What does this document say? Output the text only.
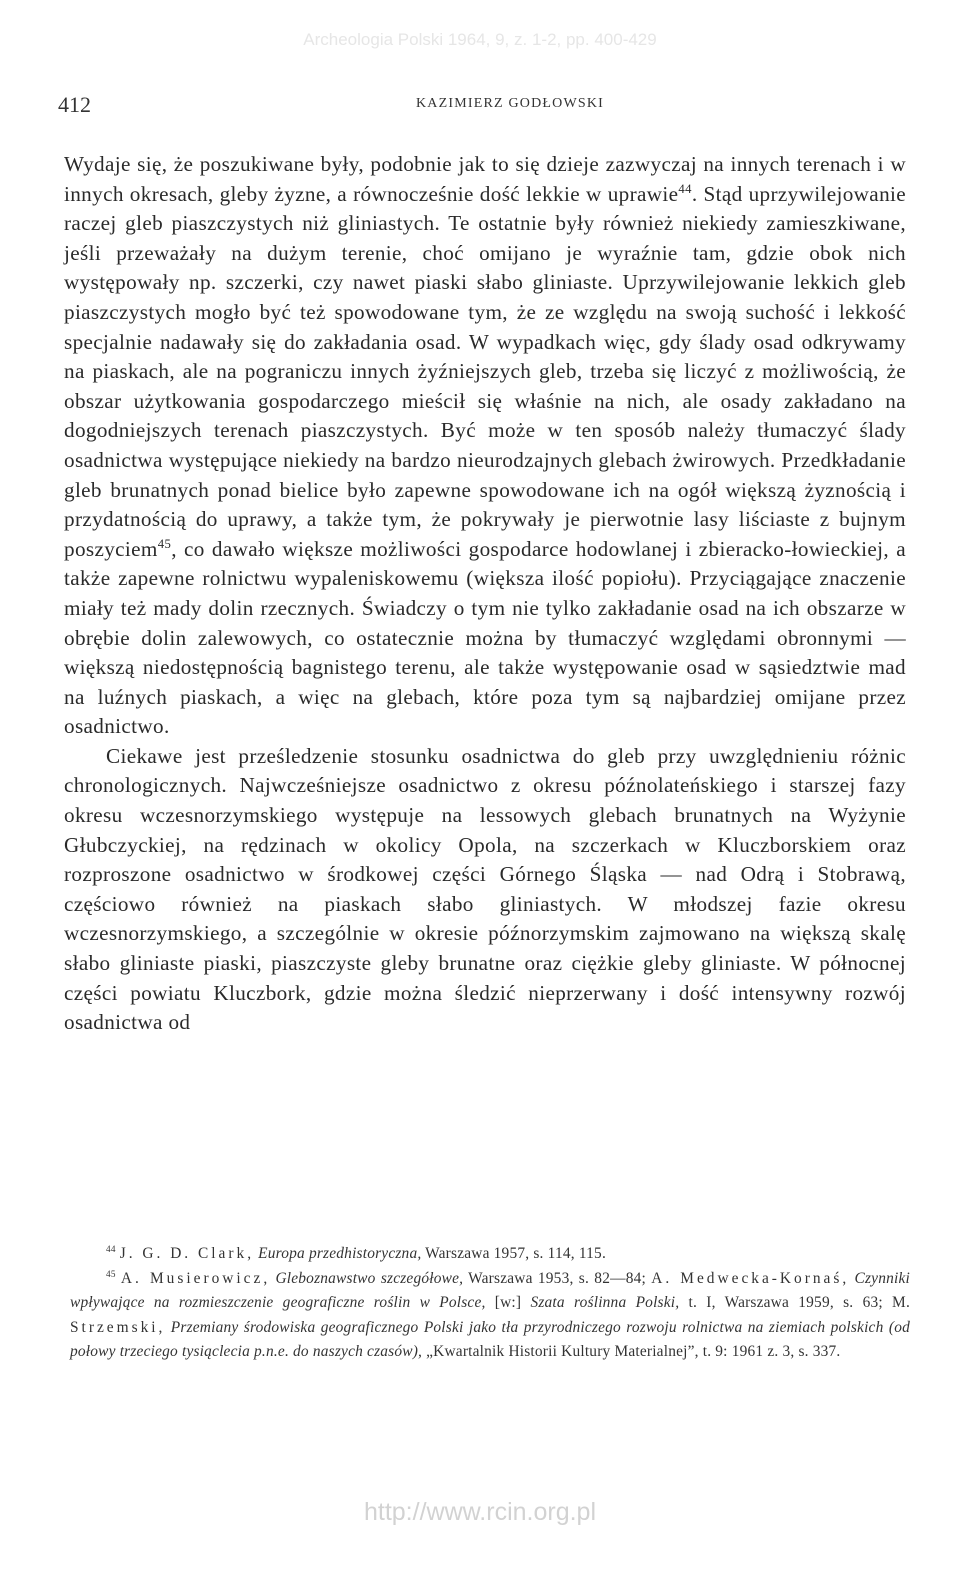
Archeologia Polski 1964, 9, z. 1-2, pp. 400-429
412	KAZIMIERZ GODŁOWSKI

Wydaje się, że poszukiwane były, podobnie jak to się dzieje zazwyczaj na innych terenach i w innych okresach, gleby żyzne, a równocześnie dość lekkie w uprawie$^{44}$. Stąd uprzywilejowanie raczej gleb piaszczystych niż gliniastych. Te ostatnie były również niekiedy zamieszkiwane, jeśli przeważały na dużym terenie, choć omijano je wyraźnie tam, gdzie obok nich występowały np. szczerki, czy nawet piaski słabo gliniaste. Uprzywilejowanie lekkich gleb piaszczystych mogło być też spowodowane tym, że ze względu na swoją suchość i lekkość specjalnie nadawały się do zakładania osad. W wypadkach więc, gdy ślady osad odkrywamy na piaskach, ale na pograniczu innych żyźniejszych gleb, trzeba się liczyć z możliwością, że obszar użytkowania gospodarczego mieścił się właśnie na nich, ale osady zakładano na dogodniejszych terenach piaszczystych. Być może w ten sposób należy tłumaczyć ślady osadnictwa występujące niekiedy na bardzo nieurodzajnych glebach żwirowych. Przedkładanie gleb brunatnych ponad bielice było zapewne spowodowane ich na ogół większą żyznością i przydatnością do uprawy, a także tym, że pokrywały je pierwotnie lasy liściaste z bujnym poszyciem$^{45}$, co dawało większe możliwości gospodarce hodowlanej i zbieracko-łowieckiej, a także zapewne rolnictwu wypaleniskowemu (większa ilość popiołu). Przyciągające znaczenie miały też mady dolin rzecznych. Świadczy o tym nie tylko zakładanie osad na ich obszarze w obrębie dolin zalewowych, co ostatecznie można by tłumaczyć względami obronnymi — większą niedostępnością bagnistego terenu, ale także występowanie osad w sąsiedztwie mad na luźnych piaskach, a więc na glebach, które poza tym są najbardziej omijane przez osadnictwo.

Ciekawe jest prześledzenie stosunku osadnictwa do gleb przy uwzględnieniu różnic chronologicznych. Najwcześniejsze osadnictwo z okresu późnolateńskiego i starszej fazy okresu wczesnorzymskiego występuje na lessowych glebach brunatnych na Wyżynie Głubczyckiej, na rędzinach w okolicy Opola, na szczerkach w Kluczborskiem oraz rozproszone osadnictwo w środkowej części Górnego Śląska — nad Odrą i Stobrawą, częściowo również na piaskach słabo gliniastych. W młodszej fazie okresu wczesnorzymskiego, a szczególnie w okresie późnorzymskim zajmowano na większą skalę słabo gliniaste piaski, piaszczyste gleby brunatne oraz ciężkie gleby gliniaste. W północnej części powiatu Kluczbork, gdzie można śledzić nieprzerwany i dość intensywny rozwój osadnictwa od

$^{44}$ J. G. D. Clark, Europa przedhistoryczna, Warszawa 1957, s. 114, 115.

$^{45}$ A. Musierowicz, Gleboznawstwo szczegółowe, Warszawa 1953, s. 82—84; A. Medwecka-Kornaś, Czynniki wpływające na rozmieszczenie geograficzne roślin w Polsce, [w:] Szata roślinna Polski, t. I, Warszawa 1959, s. 63; M. Strzemski, Przemiany środowiska geograficznego Polski jako tła przyrodniczego rozwoju rolnictwa na ziemiach polskich (od połowy trzeciego tysiąclecia p.n.e. do naszych czasów), „Kwartalnik Historii Kultury Materialnej”, t. 9: 1961 z. 3, s. 337.

http://www.rcin.org.pl
